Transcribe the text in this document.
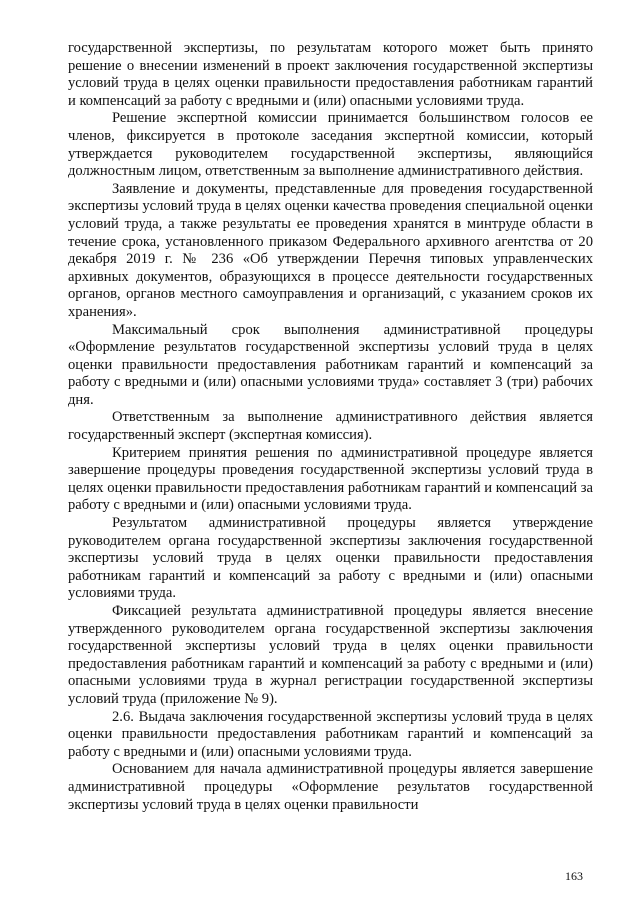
государственной экспертизы, по результатам которого может быть принято решение о внесении изменений в проект заключения государственной экспертизы условий труда в целях оценки правильности предоставления работникам гарантий и компенсаций за работу с вредными и (или) опасными условиями труда.

Решение экспертной комиссии принимается большинством голосов ее членов, фиксируется в протоколе заседания экспертной комиссии, который утверждается руководителем государственной экспертизы, являющийся должностным лицом, ответственным за выполнение административного действия.

Заявление и документы, представленные для проведения государственной экспертизы условий труда в целях оценки качества проведения специальной оценки условий труда, а также результаты ее проведения хранятся в минтруде области в течение срока, установленного приказом Федерального архивного агентства от 20 декабря 2019 г. № 236 «Об утверждении Перечня типовых управленческих архивных документов, образующихся в процессе деятельности государственных органов, органов местного самоуправления и организаций, с указанием сроков их хранения».

Максимальный срок выполнения административной процедуры «Оформление результатов государственной экспертизы условий труда в целях оценки правильности предоставления работникам гарантий и компенсаций за работу с вредными и (или) опасными условиями труда» составляет 3 (три) рабочих дня.

Ответственным за выполнение административного действия является государственный эксперт (экспертная комиссия).

Критерием принятия решения по административной процедуре является завершение процедуры проведения государственной экспертизы условий труда в целях оценки правильности предоставления работникам гарантий и компенсаций за работу с вредными и (или) опасными условиями труда.

Результатом административной процедуры является утверждение руководителем органа государственной экспертизы заключения государственной экспертизы условий труда в целях оценки правильности предоставления работникам гарантий и компенсаций за работу с вредными и (или) опасными условиями труда.

Фиксацией результата административной процедуры является внесение утвержденного руководителем органа государственной экспертизы заключения государственной экспертизы условий труда в целях оценки правильности предоставления работникам гарантий и компенсаций за работу с вредными и (или) опасными условиями труда в журнал регистрации государственной экспертизы условий труда (приложение № 9).

2.6. Выдача заключения государственной экспертизы условий труда в целях оценки правильности предоставления работникам гарантий и компенсаций за работу с вредными и (или) опасными условиями труда.

Основанием для начала административной процедуры является завершение административной процедуры «Оформление результатов государственной экспертизы условий труда в целях оценки правильности

163
